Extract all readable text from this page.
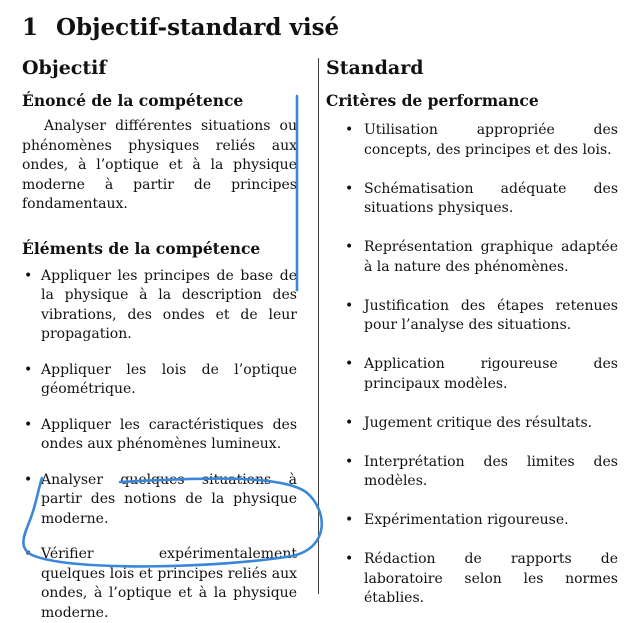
1 Objectif-standard visé
Objectif
Énoncé de la compétence

Analyser différentes situations ou phénomènes physiques reliés aux ondes, à l’optique et à la physique moderne à partir de principes fondamentaux.

Éléments de la compétence
• Appliquer les principes de base de la physique à la description des vibrations, des ondes et de leur propagation.
• Appliquer les lois de l’optique géométrique.
• Appliquer les caractéristiques des ondes aux phénomènes lumineux.
• Analyser quelques situations à partir des notions de la physique moderne.
• Vérifier expérimentalement quelques lois et principes reliés aux ondes, à l’optique et à la physique moderne.
Standard
Critères de performance
• Utilisation appropriée des concepts, des principes et des lois.
• Schématisation adéquate des situations physiques.
• Représentation graphique adaptée à la nature des phénomènes.
• Justification des étapes retenues pour l’analyse des situations.
• Application rigoureuse des principaux modèles.
• Jugement critique des résultats.
• Interprétation des limites des modèles.
• Expérimentation rigoureuse.
• Rédaction de rapports de laboratoire selon les normes établies.
